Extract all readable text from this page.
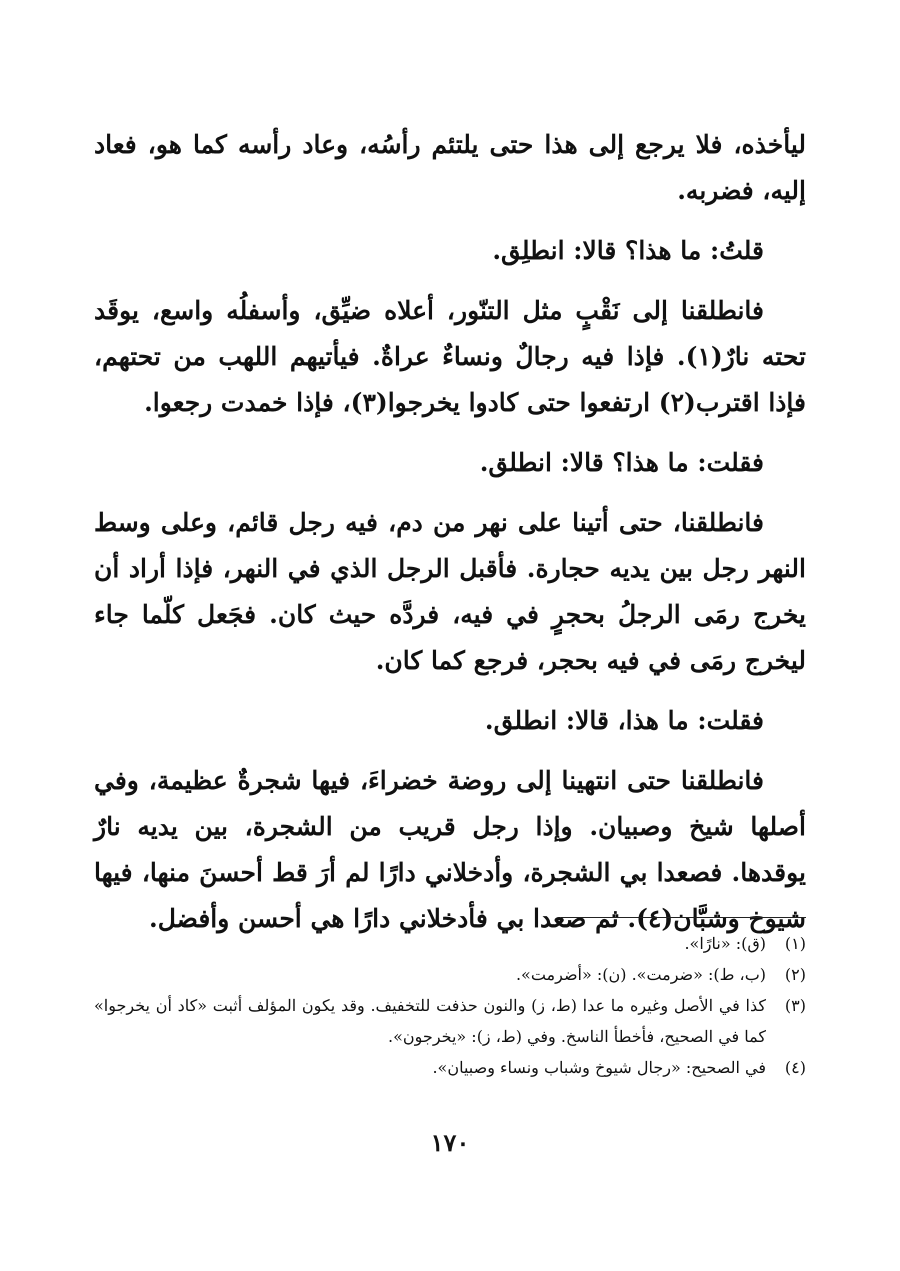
ليأخذه، فلا يرجع إلى هذا حتى يلتئم رأسُه، وعاد رأسه كما هو، فعاد إليه، فضربه.

قلتُ: ما هذا؟ قالا: انطلِق.

فانطلقنا إلى نَقْبٍ مثل التنّور، أعلاه ضيِّق، وأسفلُه واسع، يوقَد تحته نارٌ(١). فإذا فيه رجالٌ ونساءٌ عراةٌ. فيأتيهم اللهب من تحتهم، فإذا اقترب(٢) ارتفعوا حتى كادوا يخرجوا(٣)، فإذا خمدت رجعوا.

فقلت: ما هذا؟ قالا: انطلق.

فانطلقنا، حتى أتينا على نهر من دم، فيه رجل قائم، وعلى وسط النهر رجل بين يديه حجارة. فأقبل الرجل الذي في النهر، فإذا أراد أن يخرج رمَى الرجلُ بحجرٍ في فيه، فردَّه حيث كان. فجَعل كلّما جاء ليخرج رمَى في فيه بحجر، فرجع كما كان.

فقلت: ما هذا، قالا: انطلق.

فانطلقنا حتى انتهينا إلى روضة خضراءَ، فيها شجرةٌ عظيمة، وفي أصلها شيخ وصبيان. وإذا رجل قريب من الشجرة، بين يديه نارٌ يوقدها. فصعدا بي الشجرة، وأدخلاني دارًا لم أرَ قط أحسنَ منها، فيها شيوخ وشبَّان(٤). ثم صعدا بي فأدخلاني دارًا هي أحسن وأفضل.

(١)
(ق): «نارًا».
(٢)
(ب، ط): «ضرمت». (ن): «أضرمت».
(٣)
كذا في الأصل وغيره ما عدا (ط، ز) والنون حذفت للتخفيف. وقد يكون المؤلف أثبت «كاد أن يخرجوا» كما في الصحيح، فأخطأ الناسخ. وفي (ط، ز): «يخرجون».
(٤)
في الصحيح: «رجال شيوخ وشباب ونساء وصبيان».
١٧٠
